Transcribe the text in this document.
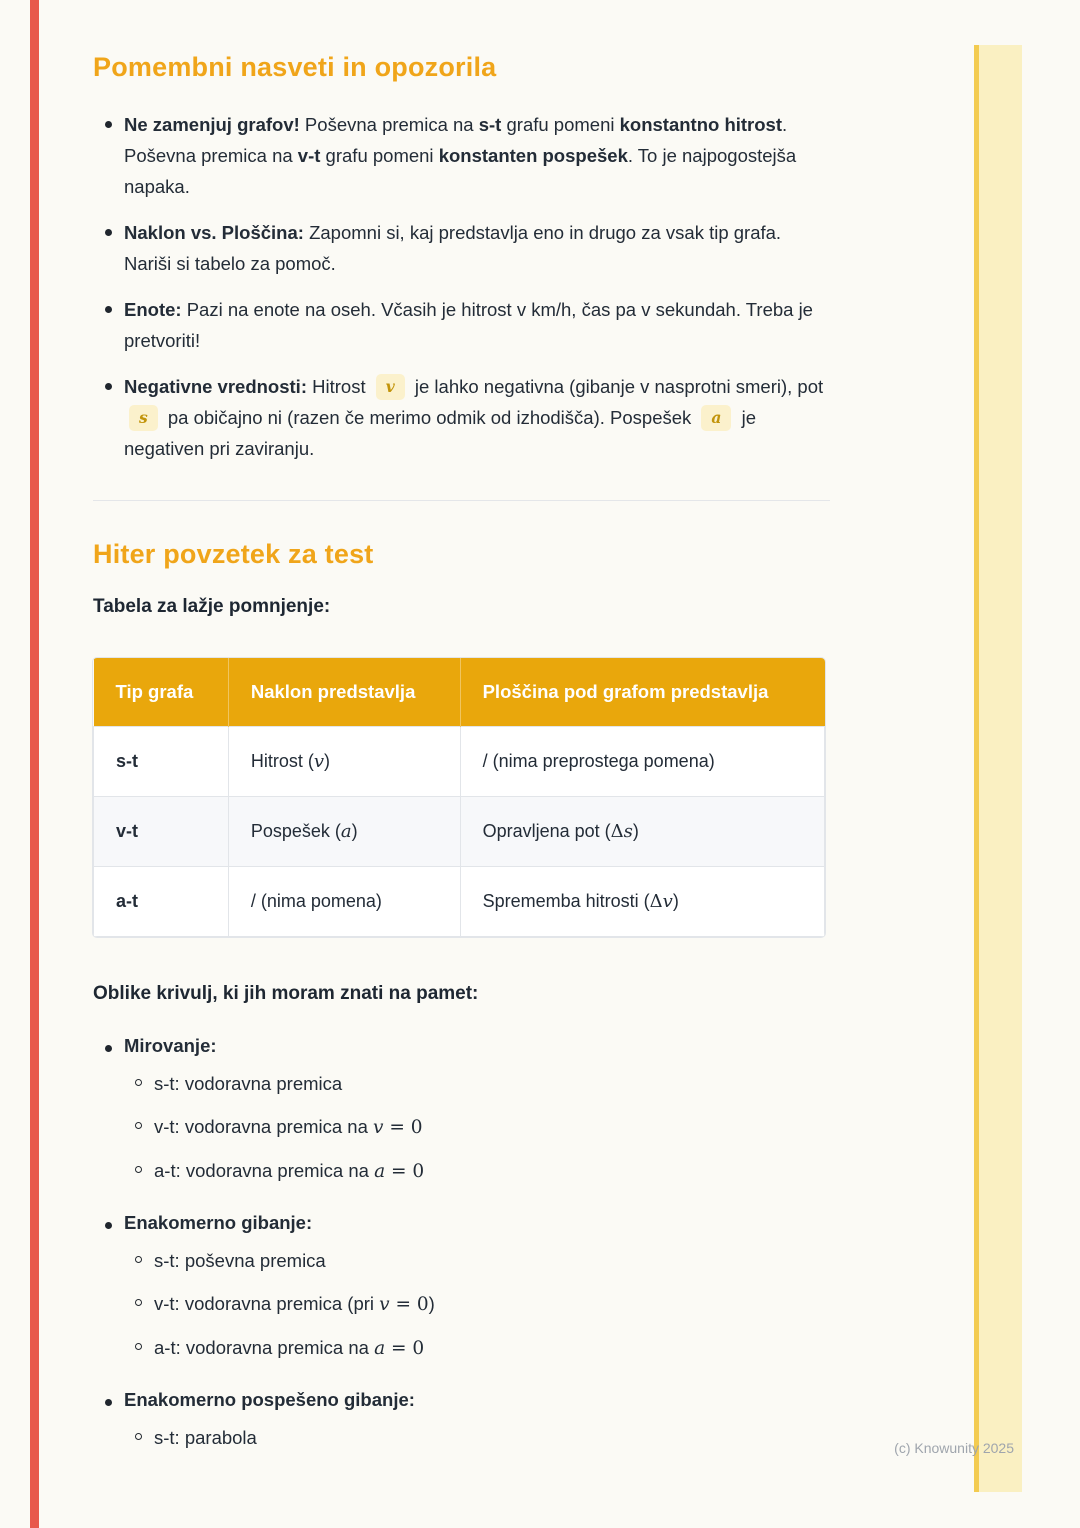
Pomembni nasveti in opozorila

Ne zamenjuj grafov! Poševna premica na s-t grafu pomeni konstantno hitrost. Poševna premica na v-t grafu pomeni konstanten pospešek. To je najpogostejša napaka.

Naklon vs. Ploščina: Zapomni si, kaj predstavlja eno in drugo za vsak tip grafa. Nariši si tabelo za pomoč.

Enote: Pazi na enote na oseh. Včasih je hitrost v km/h, čas pa v sekundah. Treba je pretvoriti!

Negativne vrednosti: Hitrost v je lahko negativna (gibanje v nasprotni smeri), pot s pa običajno ni (razen če merimo odmik od izhodišča). Pospešek a je negativen pri zaviranju.

Hiter povzetek za test

Tabela za lažje pomnjenje:

Tip grafa	Naklon predstavlja	Ploščina pod grafom predstavlja
s-t	Hitrost (v)	/ (nima preprostega pomena)
v-t	Pospešek (a)	Opravljena pot (Δs)
a-t	/ (nima pomena)	Sprememba hitrosti (Δv)

Oblike krivulj, ki jih moram znati na pamet:

Mirovanje:

s-t: vodoravna premica

v-t: vodoravna premica na v = 0

a-t: vodoravna premica na a = 0

Enakomerno gibanje:

s-t: poševna premica

v-t: vodoravna premica (pri v = 0)

a-t: vodoravna premica na a = 0

Enakomerno pospešeno gibanje:

s-t: parabola	(c) Knowunity 2025
